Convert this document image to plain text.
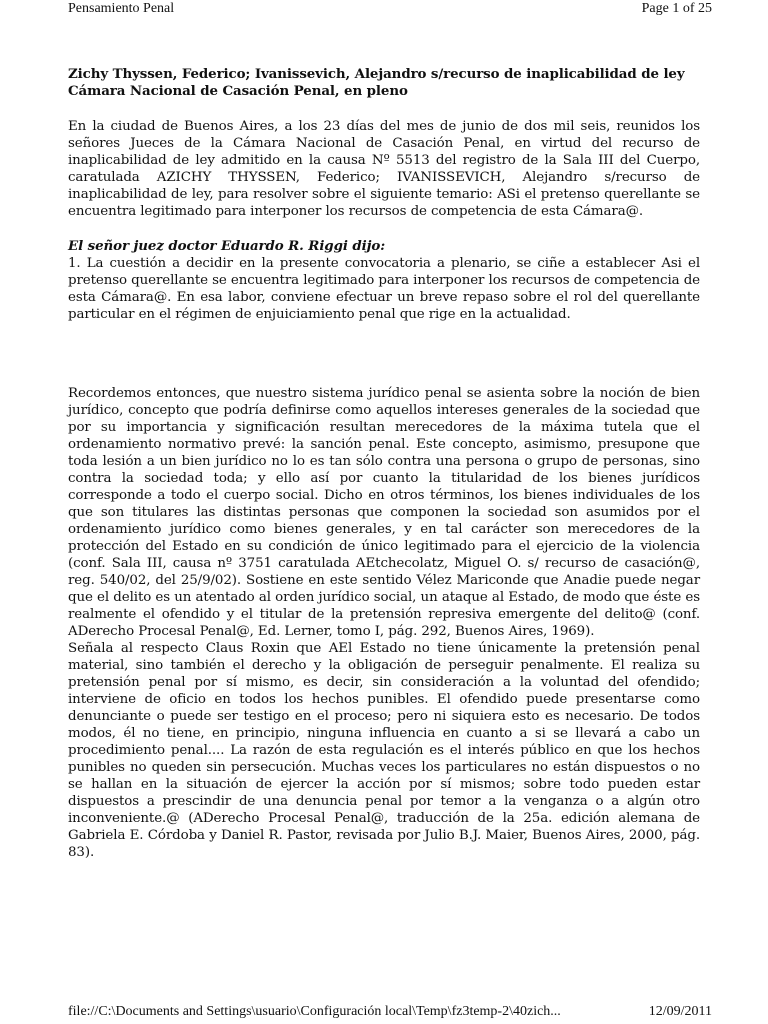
Pensamiento Penal	Page 1 of 25
Zichy Thyssen, Federico; Ivanissevich, Alejandro s/recurso de inaplicabilidad de ley
Cámara Nacional de Casación Penal, en pleno

En la ciudad de Buenos Aires, a los 23 días del mes de junio de dos mil seis, reunidos los señores Jueces de la Cámara Nacional de Casación Penal, en virtud del recurso de inaplicabilidad de ley admitido en la causa Nº 5513 del registro de la Sala III del Cuerpo, caratulada AZICHY THYSSEN, Federico; IVANISSEVICH, Alejandro s/recurso de inaplicabilidad de ley, para resolver sobre el siguiente temario: ASi el pretenso querellante se encuentra legitimado para interponer los recursos de competencia de esta Cámara@.

El señor juez doctor Eduardo R. Riggi dijo:

1. La cuestión a decidir en la presente convocatoria a plenario, se ciñe a establecer Asi el pretenso querellante se encuentra legitimado para interponer los recursos de competencia de esta Cámara@. En esa labor, conviene efectuar un breve repaso sobre el rol del querellante particular en el régimen de enjuiciamiento penal que rige en la actualidad.

Recordemos entonces, que nuestro sistema jurídico penal se asienta sobre la noción de bien jurídico, concepto que podría definirse como aquellos intereses generales de la sociedad que por su importancia y significación resultan merecedores de la máxima tutela que el ordenamiento normativo prevé: la sanción penal. Este concepto, asimismo, presupone que toda lesión a un bien jurídico no lo es tan sólo contra una persona o grupo de personas, sino contra la sociedad toda; y ello así por cuanto la titularidad de los bienes jurídicos corresponde a todo el cuerpo social. Dicho en otros términos, los bienes individuales de los que son titulares las distintas personas que componen la sociedad son asumidos por el ordenamiento jurídico como bienes generales, y en tal carácter son merecedores de la protección del Estado en su condición de único legitimado para el ejercicio de la violencia (conf. Sala III, causa nº 3751 caratulada AEtchecolatz, Miguel O. s/ recurso de casación@, reg. 540/02, del 25/9/02). Sostiene en este sentido Vélez Mariconde que Anadie puede negar que el delito es un atentado al orden jurídico social, un ataque al Estado, de modo que éste es realmente el ofendido y el titular de la pretensión represiva emergente del delito@ (conf. ADerecho Procesal Penal@, Ed. Lerner, tomo I, pág. 292, Buenos Aires, 1969).

Señala al respecto Claus Roxin que AEl Estado no tiene únicamente la pretensión penal material, sino también el derecho y la obligación de perseguir penalmente. El realiza su pretensión penal por sí mismo, es decir, sin consideración a la voluntad del ofendido; interviene de oficio en todos los hechos punibles. El ofendido puede presentarse como denunciante o puede ser testigo en el proceso; pero ni siquiera esto es necesario. De todos modos, él no tiene, en principio, ninguna influencia en cuanto a si se llevará a cabo un procedimiento penal.... La razón de esta regulación es el interés público en que los hechos punibles no queden sin persecución. Muchas veces los particulares no están dispuestos o no se hallan en la situación de ejercer la acción por sí mismos; sobre todo pueden estar dispuestos a prescindir de una denuncia penal por temor a la venganza o a algún otro inconveniente.@ (ADerecho Procesal Penal@, traducción de la 25a. edición alemana de Gabriela E. Córdoba y Daniel R. Pastor, revisada por Julio B.J. Maier, Buenos Aires, 2000, pág. 83).

file://C:\Documents and Settings\usuario\Configuración local\Temp\fz3temp-2\40zich...	12/09/2011
